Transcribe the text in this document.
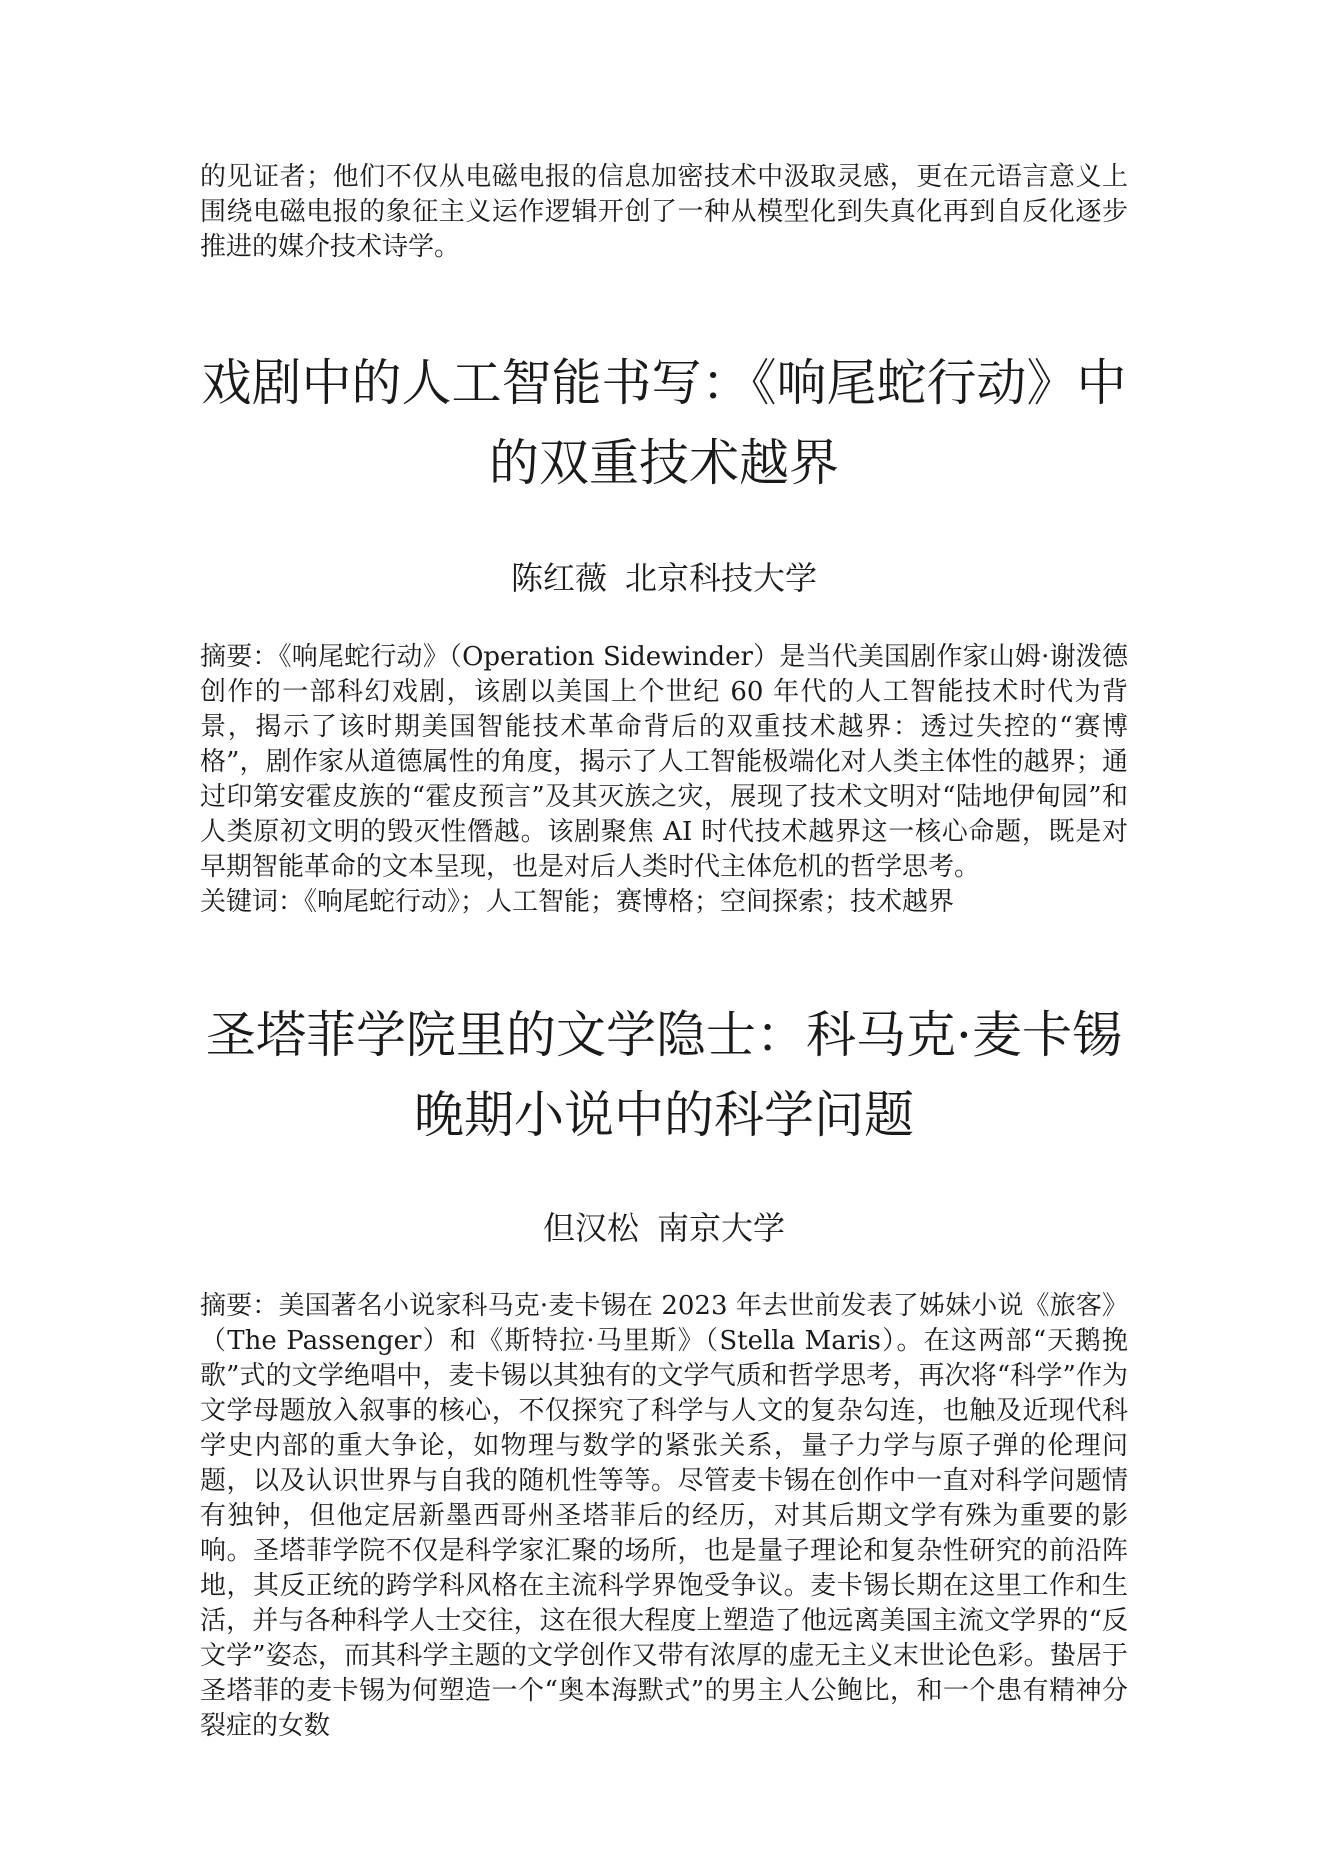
的见证者；他们不仅从电磁电报的信息加密技术中汲取灵感，更在元语言意义上围绕电磁电报的象征主义运作逻辑开创了一种从模型化到失真化再到自反化逐步推进的媒介技术诗学。

戏剧中的人工智能书写：《响尾蛇行动》中的双重技术越界

陈红薇 北京科技大学

摘要：《响尾蛇行动》（Operation Sidewinder）是当代美国剧作家山姆·谢泼德创作的一部科幻戏剧，该剧以美国上个世纪 60 年代的人工智能技术时代为背景，揭示了该时期美国智能技术革命背后的双重技术越界：透过失控的“赛博格”，剧作家从道德属性的角度，揭示了人工智能极端化对人类主体性的越界；通过印第安霍皮族的“霍皮预言”及其灭族之灾，展现了技术文明对“陆地伊甸园”和人类原初文明的毁灭性僭越。该剧聚焦 AI 时代技术越界这一核心命题，既是对早期智能革命的文本呈现，也是对后人类时代主体危机的哲学思考。

关键词：《响尾蛇行动》；人工智能；赛博格；空间探索；技术越界

圣塔菲学院里的文学隐士：科马克·麦卡锡晚期小说中的科学问题

但汉松 南京大学

摘要：美国著名小说家科马克·麦卡锡在 2023 年去世前发表了姊妹小说《旅客》（The Passenger）和《斯特拉·马里斯》（Stella Maris）。在这两部“天鹅挽歌”式的文学绝唱中，麦卡锡以其独有的文学气质和哲学思考，再次将“科学”作为文学母题放入叙事的核心，不仅探究了科学与人文的复杂勾连，也触及近现代科学史内部的重大争论，如物理与数学的紧张关系，量子力学与原子弹的伦理问题，以及认识世界与自我的随机性等等。尽管麦卡锡在创作中一直对科学问题情有独钟，但他定居新墨西哥州圣塔菲后的经历，对其后期文学有殊为重要的影响。圣塔菲学院不仅是科学家汇聚的场所，也是量子理论和复杂性研究的前沿阵地，其反正统的跨学科风格在主流科学界饱受争议。麦卡锡长期在这里工作和生活，并与各种科学人士交往，这在很大程度上塑造了他远离美国主流文学界的“反文学”姿态，而其科学主题的文学创作又带有浓厚的虚无主义末世论色彩。蛰居于圣塔菲的麦卡锡为何塑造一个“奥本海默式”的男主人公鲍比，和一个患有精神分裂症的女数
